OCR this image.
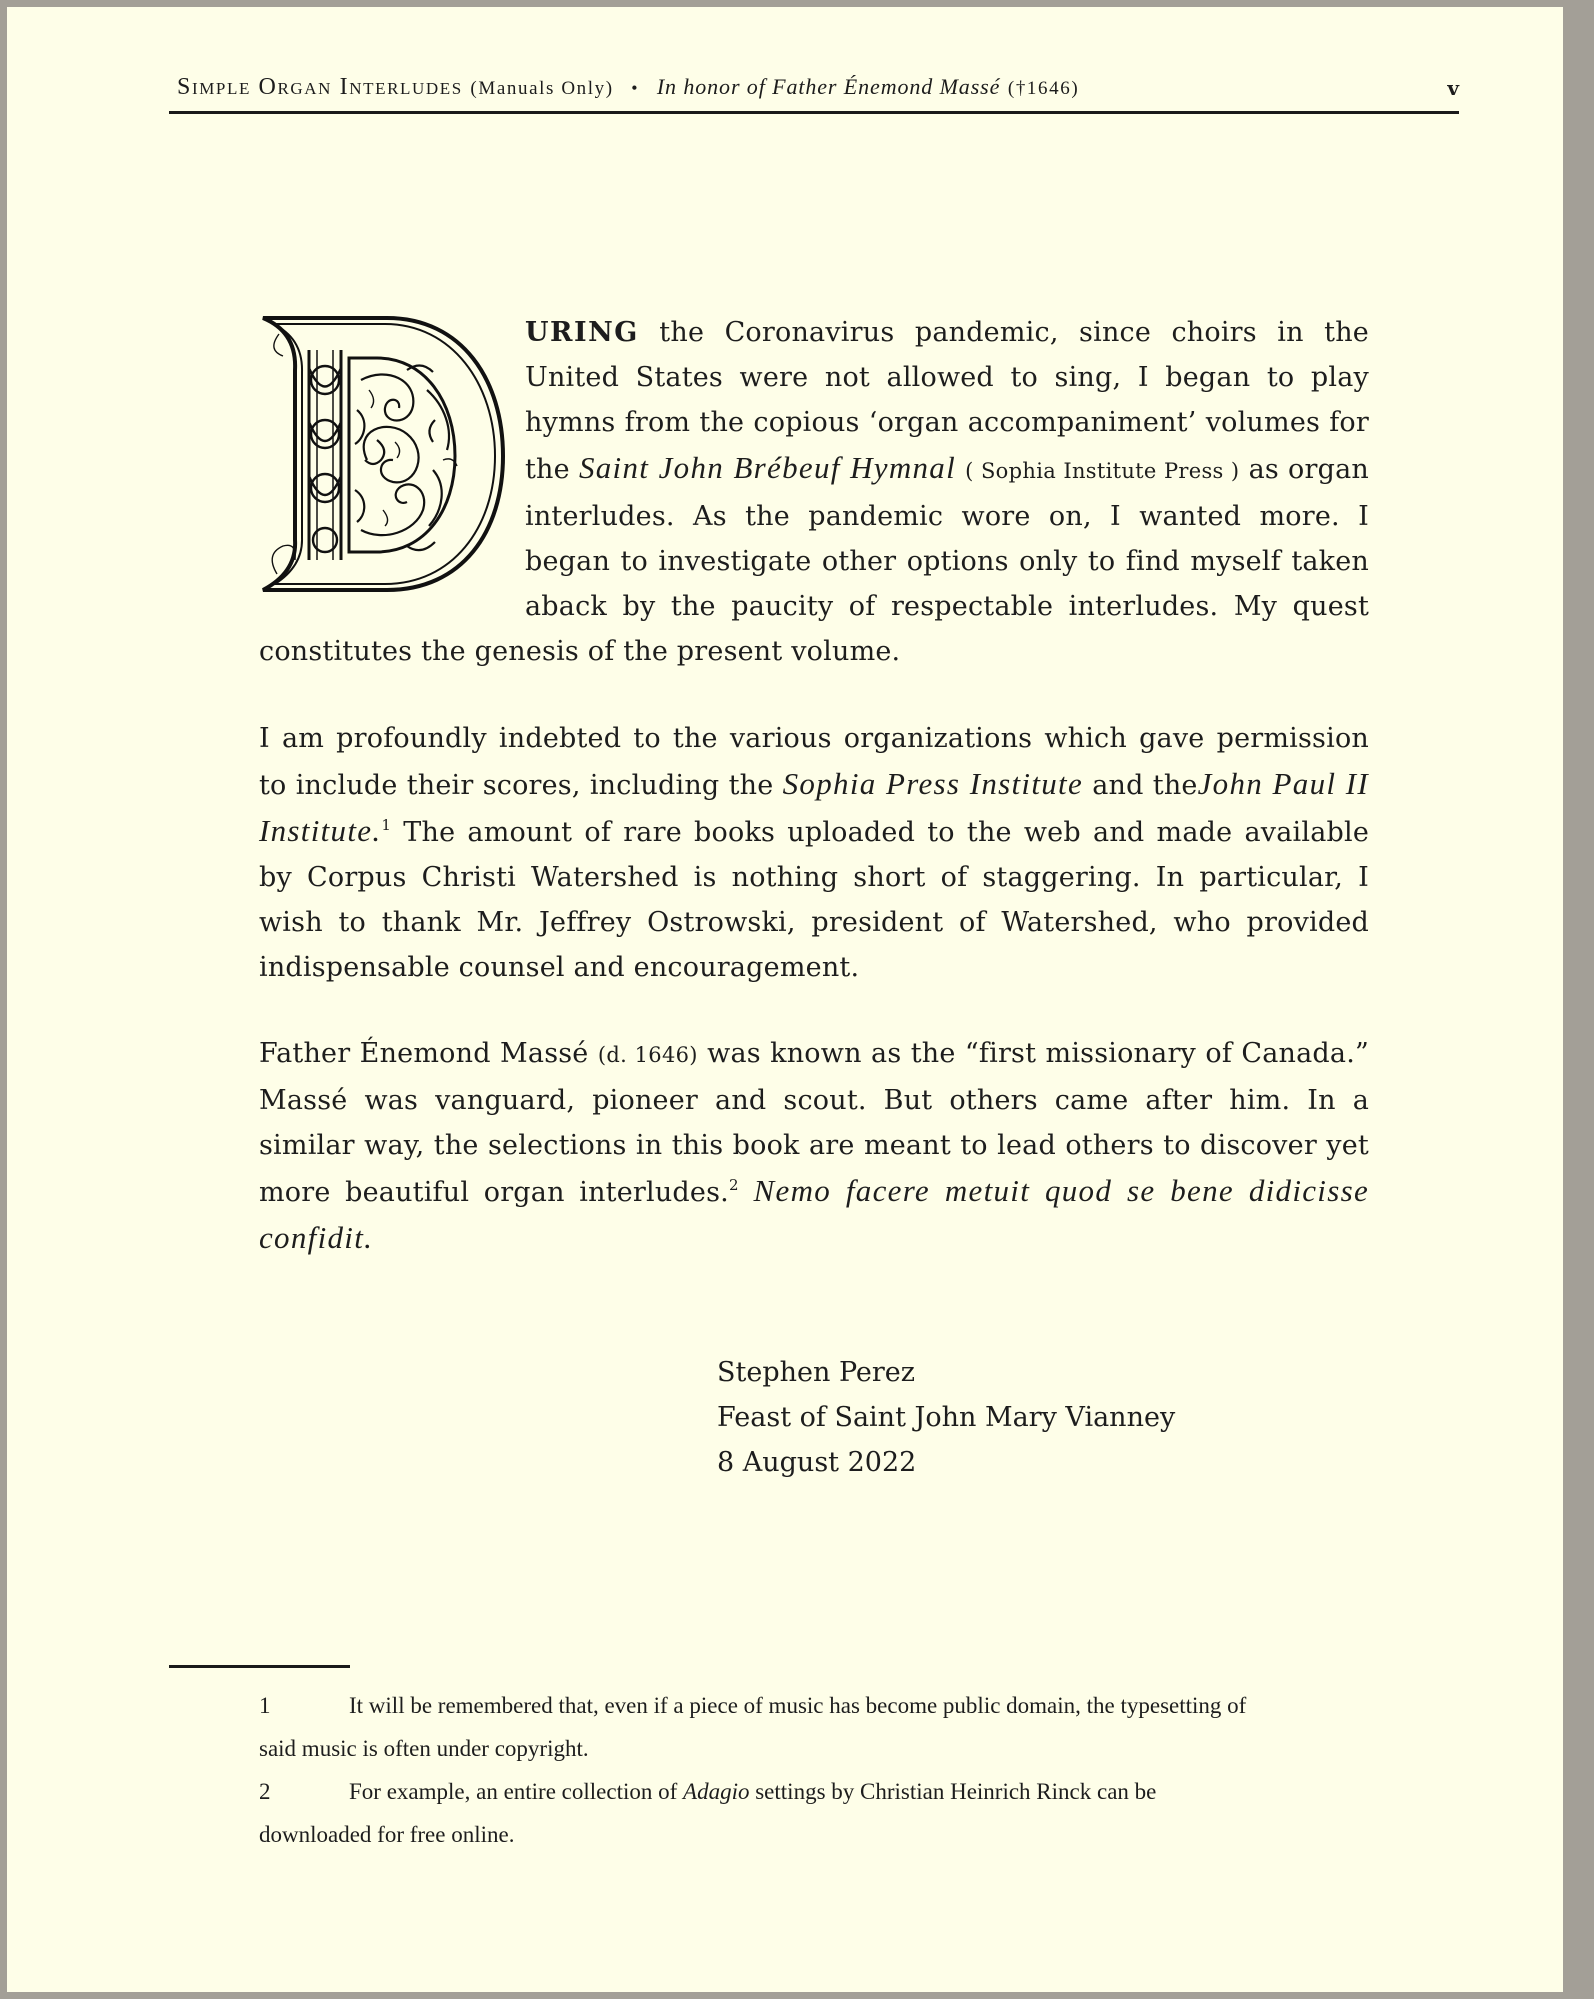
Simple Organ Interludes (Manuals Only) • In honor of Father Énemond Massé (†1646)	v
URING the Coronavirus pandemic, since choirs in the United States were not allowed to sing, I began to play hymns from the copious ‘organ accompaniment’ volumes for the Saint John Brébeuf Hymnal ( Sophia Institute Press ) as organ interludes. As the pandemic wore on, I wanted more. I began to investigate other options only to find myself taken aback by the paucity of respectable interludes. My quest constitutes the genesis of the present volume.
I am profoundly indebted to the various organizations which gave permission to include their scores, including the Sophia Press Institute and theJohn Paul II Institute.$^1$ The amount of rare books uploaded to the web and made available by Corpus Christi Watershed is nothing short of staggering. In particular, I wish to thank Mr. Jeffrey Ostrowski, president of Watershed, who provided indispensable counsel and encouragement.
Father Énemond Massé (d. 1646) was known as the “first missionary of Canada.” Massé was vanguard, pioneer and scout. But others came after him. In a similar way, the selections in this book are meant to lead others to discover yet more beautiful organ interludes.$^2$ Nemo facere metuit quod se bene didicisse confidit.
Stephen Perez
Feast of Saint John Mary Vianney
8 August 2022
1	It will be remembered that, even if a piece of music has become public domain, the typesetting of said music is often under copyright.
2	For example, an entire collection of Adagio settings by Christian Heinrich Rinck can be downloaded for free online.
